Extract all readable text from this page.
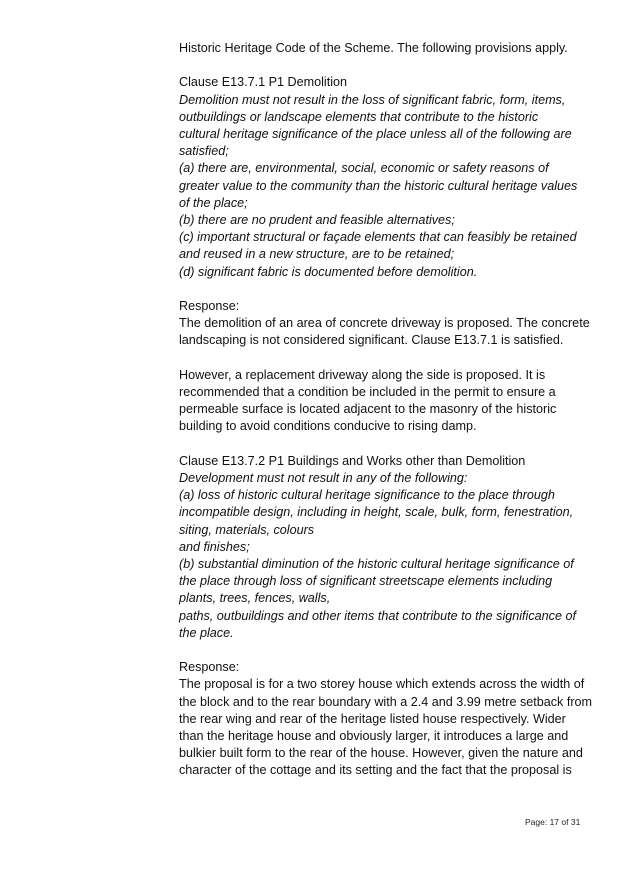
Historic Heritage Code of the Scheme. The following provisions apply.
Clause E13.7.1 P1 Demolition
Demolition must not result in the loss of significant fabric, form, items,
outbuildings or landscape elements that contribute to the historic
cultural heritage significance of the place unless all of the following are
satisfied;
(a) there are, environmental, social, economic or safety reasons of
greater value to the community than the historic cultural heritage values
of the place;
(b) there are no prudent and feasible alternatives;
(c) important structural or façade elements that can feasibly be retained
and reused in a new structure, are to be retained;
(d) significant fabric is documented before demolition.
Response:
The demolition of an area of concrete driveway is proposed. The concrete
landscaping is not considered significant. Clause E13.7.1 is satisfied.
However, a replacement driveway along the side is proposed. It is
recommended that a condition be included in the permit to ensure a
permeable surface is located adjacent to the masonry of the historic
building to avoid conditions conducive to rising damp.
Clause E13.7.2 P1 Buildings and Works other than Demolition
Development must not result in any of the following:
(a) loss of historic cultural heritage significance to the place through
incompatible design, including in height, scale, bulk, form, fenestration,
siting, materials, colours
and finishes;
(b) substantial diminution of the historic cultural heritage significance of
the place through loss of significant streetscape elements including
plants, trees, fences, walls,
paths, outbuildings and other items that contribute to the significance of
the place.
Response:
The proposal is for a two storey house which extends across the width of
the block and to the rear boundary with a 2.4 and 3.99 metre setback from
the rear wing and rear of the heritage listed house respectively. Wider
than the heritage house and obviously larger, it introduces a large and
bulkier built form to the rear of the house. However, given the nature and
character of the cottage and its setting and the fact that the proposal is
Page: 17 of 31
